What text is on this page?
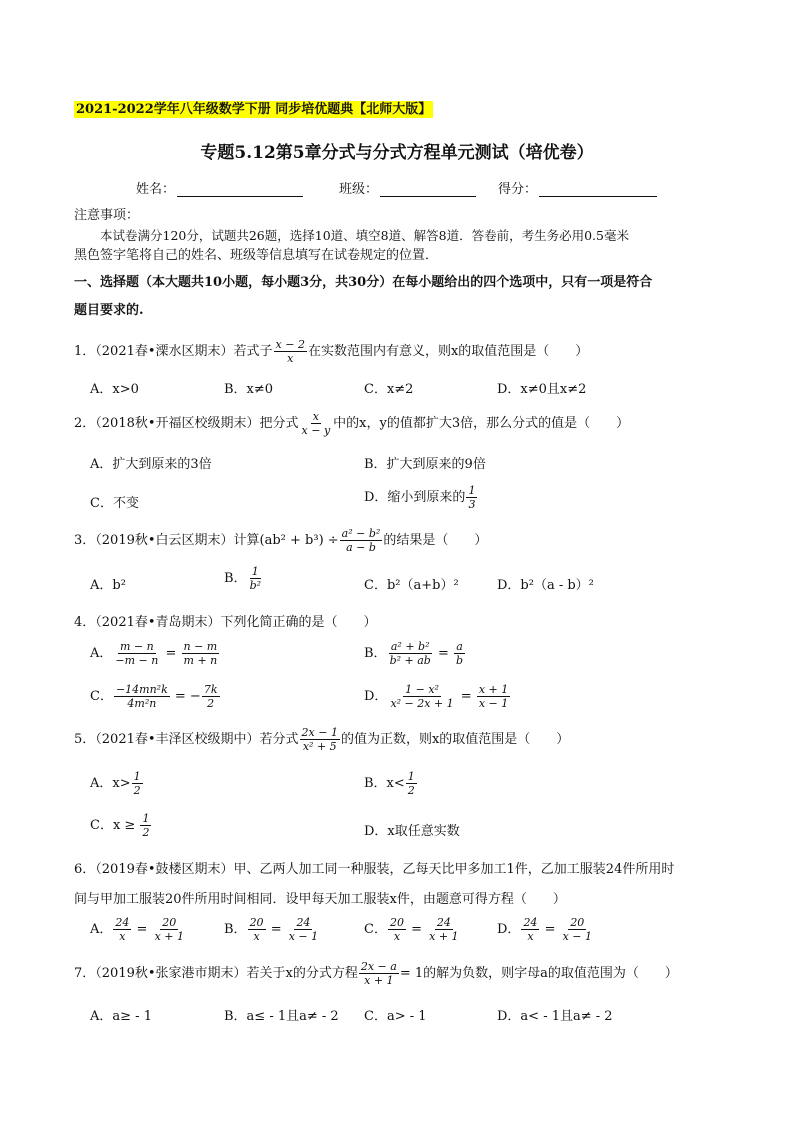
2021-2022学年八年级数学下册 同步培优题典【北师大版】
专题5.12第5章分式与分式方程单元测试（培优卷）
姓名：	班级：	得分：
注意事项：
本试卷满分120分，试题共26题，选择10道、填空8道、解答8道．答卷前，考生务必用0.5毫米
黑色签字笔将自己的姓名、班级等信息填写在试卷规定的位置．
一、选择题（本大题共10小题，每小题3分，共30分）在每小题给出的四个选项中，只有一项是符合
题目要求的.
1．（2021春•溧水区期末）若式子 $\frac{x - 2}{x}$ 在实数范围内有意义，则x的取值范围是（　　）
A．x>0	B．x≠0	C．x≠2	D．x≠0且x≠2
2．（2018秋•开福区校级期末）把分式 $\frac{x}{x - y}$ 中的x，y的值都扩大3倍，那么分式的值是（　　）
A．扩大到原来的3倍	B．扩大到原来的9倍
C．不变	D．缩小到原来的 $\frac{1}{3}$
3．（2019秋•白云区期末）计算$(ab^2 + b^3) \div \frac{\text{a² − b²}}{a - b}$ 的结果是（　　）
A．b²	B． $\frac{1}{\text{b²}}$	C．b²（a+b）²	D．b²（a - b）²
4．（2021春•青岛期末）下列化简正确的是（　　）
A． $\frac{m - n}{-m - n} = \frac{n - m}{m + n}$	B． $\frac{\text{a² + b²}}{\text{b² + ab}} = \frac{a}{b}$
C． $\frac{\text{−14mn²k}}{\text{4m²n}}$ = − $\frac{7k}{2}$	D． $\frac{\text{1 − x²}}{\text{x² − 2x + 1}} = \frac{x + 1}{x - 1}$
5．（2021春•丰泽区校级期中）若分式 $\frac{2x - 1}{\text{x² + 5}}$ 的值为正数，则x的取值范围是（　　）
A．$x> \frac{1}{2}$	B．$x< \frac{1}{2}$
C．$x \ge \frac{1}{2}$	D．x取任意实数
6．（2019春•鼓楼区期末）甲、乙两人加工同一种服装，乙每天比甲多加工1件，乙加工服装24件所用时
间与甲加工服装20件所用时间相同．设甲每天加工服装x件，由题意可得方程（　　）
A． $\frac{24}{x} = \frac{20}{x + 1}$	B． $\frac{20}{x} = \frac{24}{x - 1}$	C． $\frac{20}{x} = \frac{24}{x + 1}$	D． $\frac{24}{x} = \frac{20}{x - 1}$
7．（2019秋•张家港市期末）若关于x的分式方程 $\frac{2x - a}{x + 1} = 1$的解为负数，则字母a的取值范围为（　　）
A．a≥ - 1	B．a≤ - 1且a≠ - 2 C．a> - 1	D．a< - 1且a≠ - 2
